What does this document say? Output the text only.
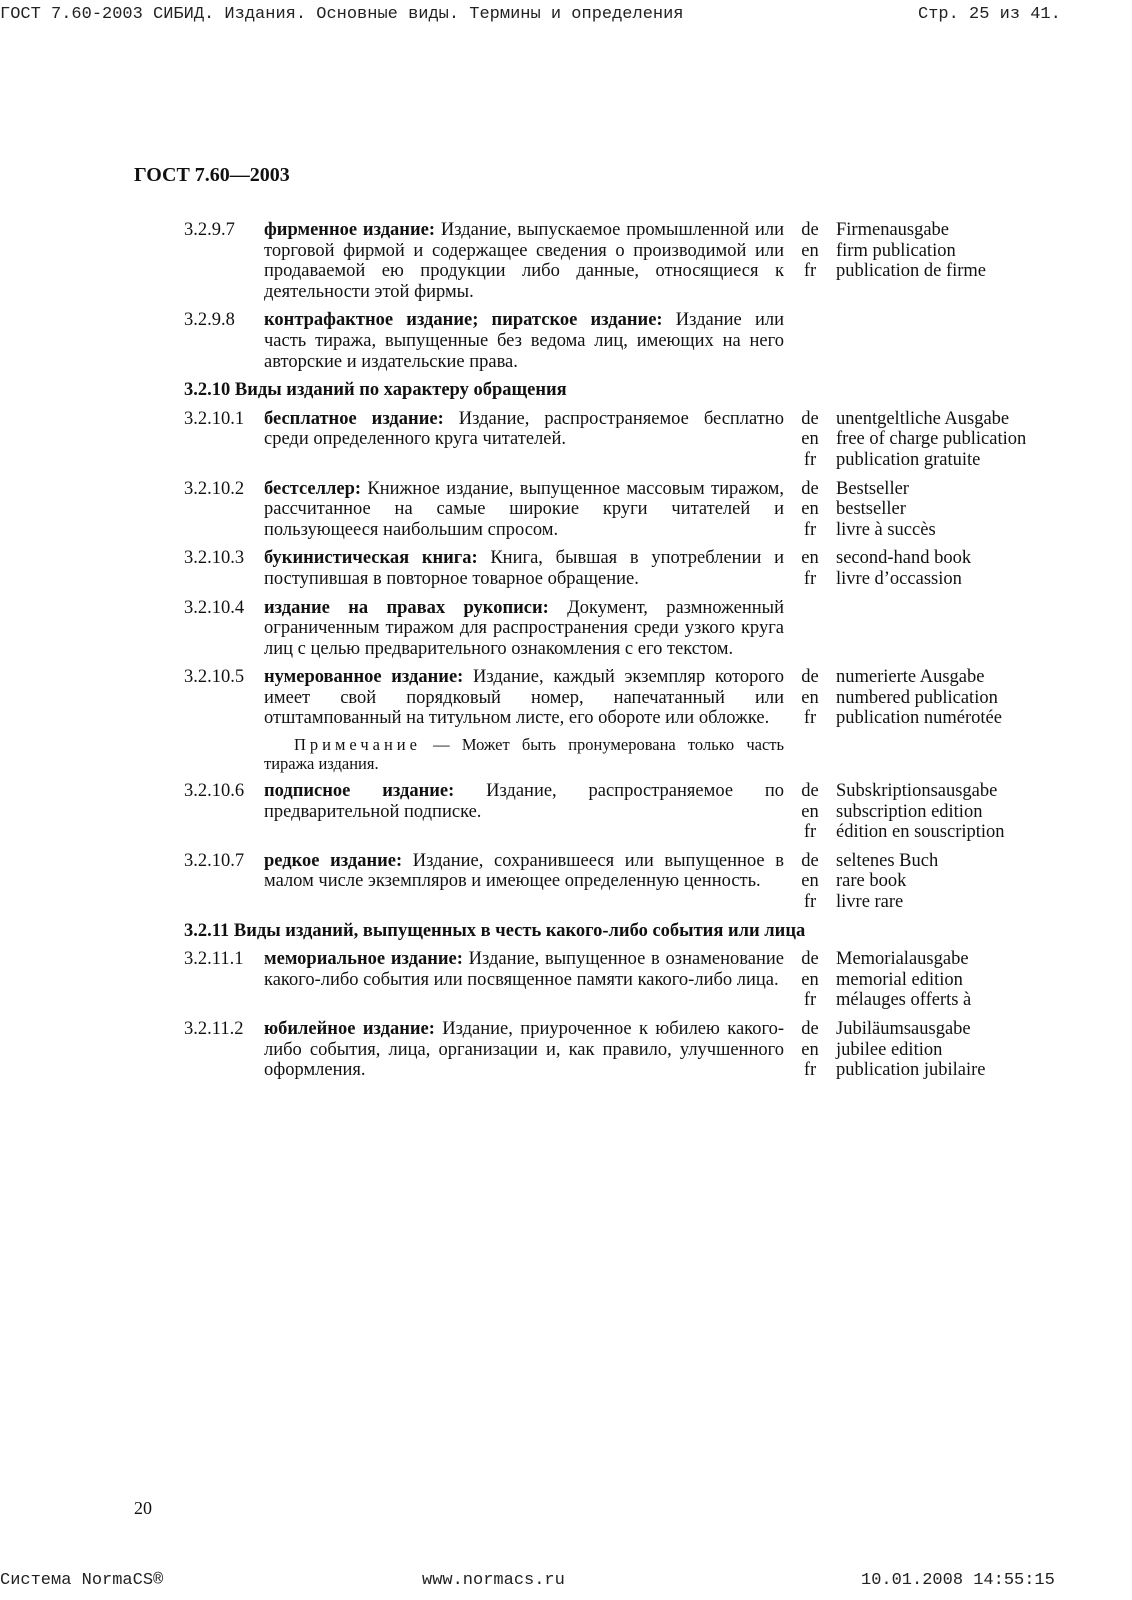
ГОСТ 7.60-2003 СИБИД. Издания. Основные виды. Термины и определения	Стр. 25 из 41.
ГОСТ 7.60—2003
3.2.9.7	фирменное издание: Издание, выпускаемое промышленной или торговой фирмой и содержащее сведения о производимой или продаваемой ею продукции либо данные, относящиеся к деятельности этой фирмы.
de Firmenausgabe
en firm publication
fr	publication de firme
3.2.9.8	контрафактное издание; пиратское издание: Издание или часть тиража, выпущенные без ведома лиц, имеющих на него авторские и издательские права.
3.2.10 Виды изданий по характеру обращения
3.2.10.1	бесплатное издание: Издание, распространяемое бесплатно среди определенного круга читателей.
de unentgeltliche Ausgabe
en free of charge publication
fr	publication gratuite
3.2.10.2	бестселлер: Книжное издание, выпущенное массовым тиражом, рассчитанное на самые широкие круги читателей и пользующееся наибольшим спросом.
de Bestseller
en bestseller
fr	livre à succès
3.2.10.3	букинистическая книга: Книга, бывшая в употреблении и поступившая в повторное товарное обращение.
en second-hand book
fr	livre d’occassion
3.2.10.4	издание на правах рукописи: Документ, размноженный ограниченным тиражом для распространения среди узкого круга лиц с целью предварительного ознакомления с его текстом.
3.2.10.5	нумерованное издание: Издание, каждый экземпляр которого имеет свой порядковый номер, напечатанный или отштампованный на титульном листе, его обороте или обложке.
de numerierte Ausgabe
en numbered publication
fr	publication numérotée
Примечание — Может быть пронумерована только часть тиража издания.
3.2.10.6	подписное издание: Издание, распространяемое по предварительной подписке.
de Subskriptionsausgabe
en subscription edition
fr	édition en souscription
3.2.10.7	редкое издание: Издание, сохранившееся или выпущенное в малом числе экземпляров и имеющее определенную ценность.
de seltenes Buch
en rare book
fr	livre rare
3.2.11 Виды изданий, выпущенных в честь какого-либо события или лица
3.2.11.1	мемориальное издание: Издание, выпущенное в ознаменование какого-либо события или посвященное памяти какого-либо лица.
de Memorialausgabe
en memorial edition
fr	mélauges offerts à
3.2.11.2	юбилейное издание: Издание, приуроченное к юбилею какого-либо события, лица, организации и, как правило, улучшенного оформления.
de Jubiläumsausgabe
en jubilee edition
fr	publication jubilaire
20
Система NormaCS®	www.normacs.ru	10.01.2008 14:55:15
